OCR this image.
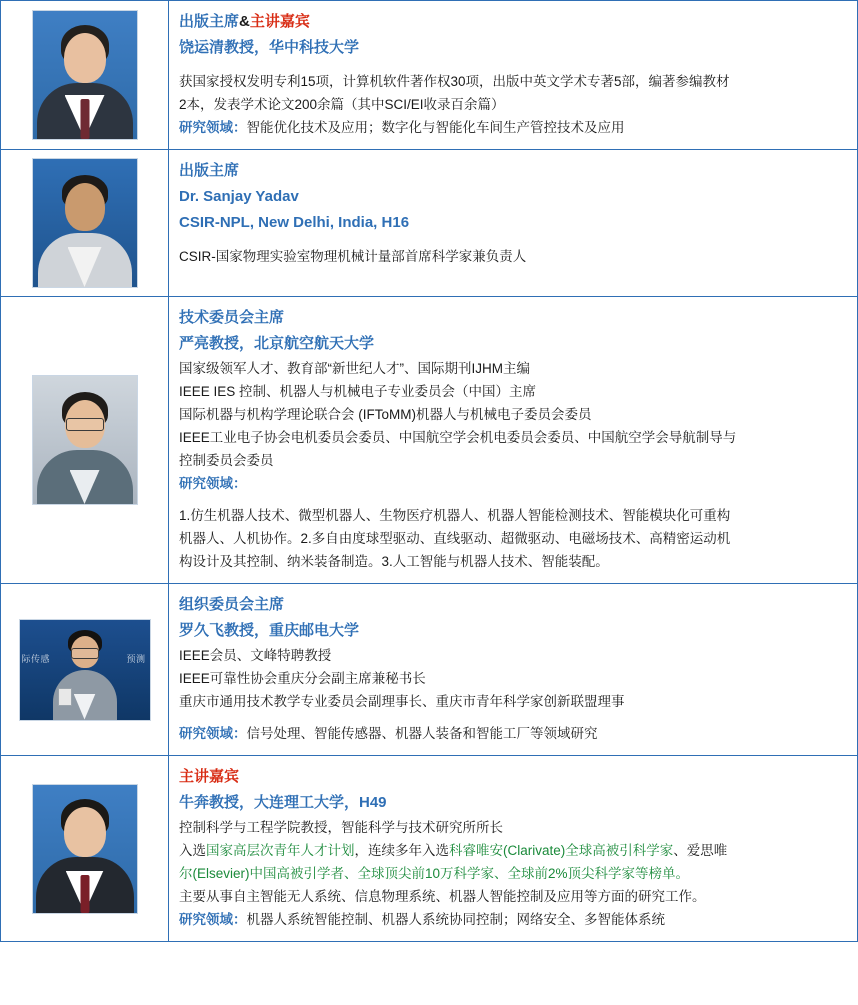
出版主席&主讲嘉宾
饶运清教授，华中科技大学
获国家授权发明专利15项，计算机软件著作权30项，出版中英文学术专著5部，编著参编教材
2本，发表学术论文200余篇（其中SCI/EI收录百余篇）
研究领域：智能优化技术及应用；数字化与智能化车间生产管控技术及应用
出版主席
Dr. Sanjay Yadav
CSIR-NPL, New Delhi, India, H16
CSIR-国家物理实验室物理机械计量部首席科学家兼负责人
技术委员会主席
严亮教授，北京航空航天大学
国家级领军人才、教育部“新世纪人才”、国际期刊IJHM主编
IEEE IES 控制、机器人与机械电子专业委员会（中国）主席
国际机器与机构学理论联合会 (IFToMM)机器人与机械电子委员会委员
IEEE工业电子协会电机委员会委员、中国航空学会机电委员会委员、中国航空学会导航制导与
控制委员会委员
研究领域：
1.仿生机器人技术、微型机器人、生物医疗机器人、机器人智能检测技术、智能模块化可重构
机器人、人机协作。2.多自由度球型驱动、直线驱动、超微驱动、电磁场技术、高精密运动机
构设计及其控制、纳米装备制造。3.人工智能与机器人技术、智能装配。
际传感	预测
组织委员会主席
罗久飞教授，重庆邮电大学
IEEE会员、文峰特聘教授
IEEE可靠性协会重庆分会副主席兼秘书长
重庆市通用技术教学专业委员会副理事长、重庆市青年科学家创新联盟理事
研究领域：信号处理、智能传感器、机器人装备和智能工厂等领域研究
主讲嘉宾
牛奔教授，大连理工大学，H49
控制科学与工程学院教授，智能科学与技术研究所所长
入选国家高层次青年人才计划，连续多年入选科睿唯安(Clarivate)全球高被引科学家、爱思唯
尔(Elsevier)中国高被引学者、全球顶尖前10万科学家、全球前2%顶尖科学家等榜单。
主要从事自主智能无人系统、信息物理系统、机器人智能控制及应用等方面的研究工作。
研究领域：机器人系统智能控制、机器人系统协同控制；网络安全、多智能体系统
